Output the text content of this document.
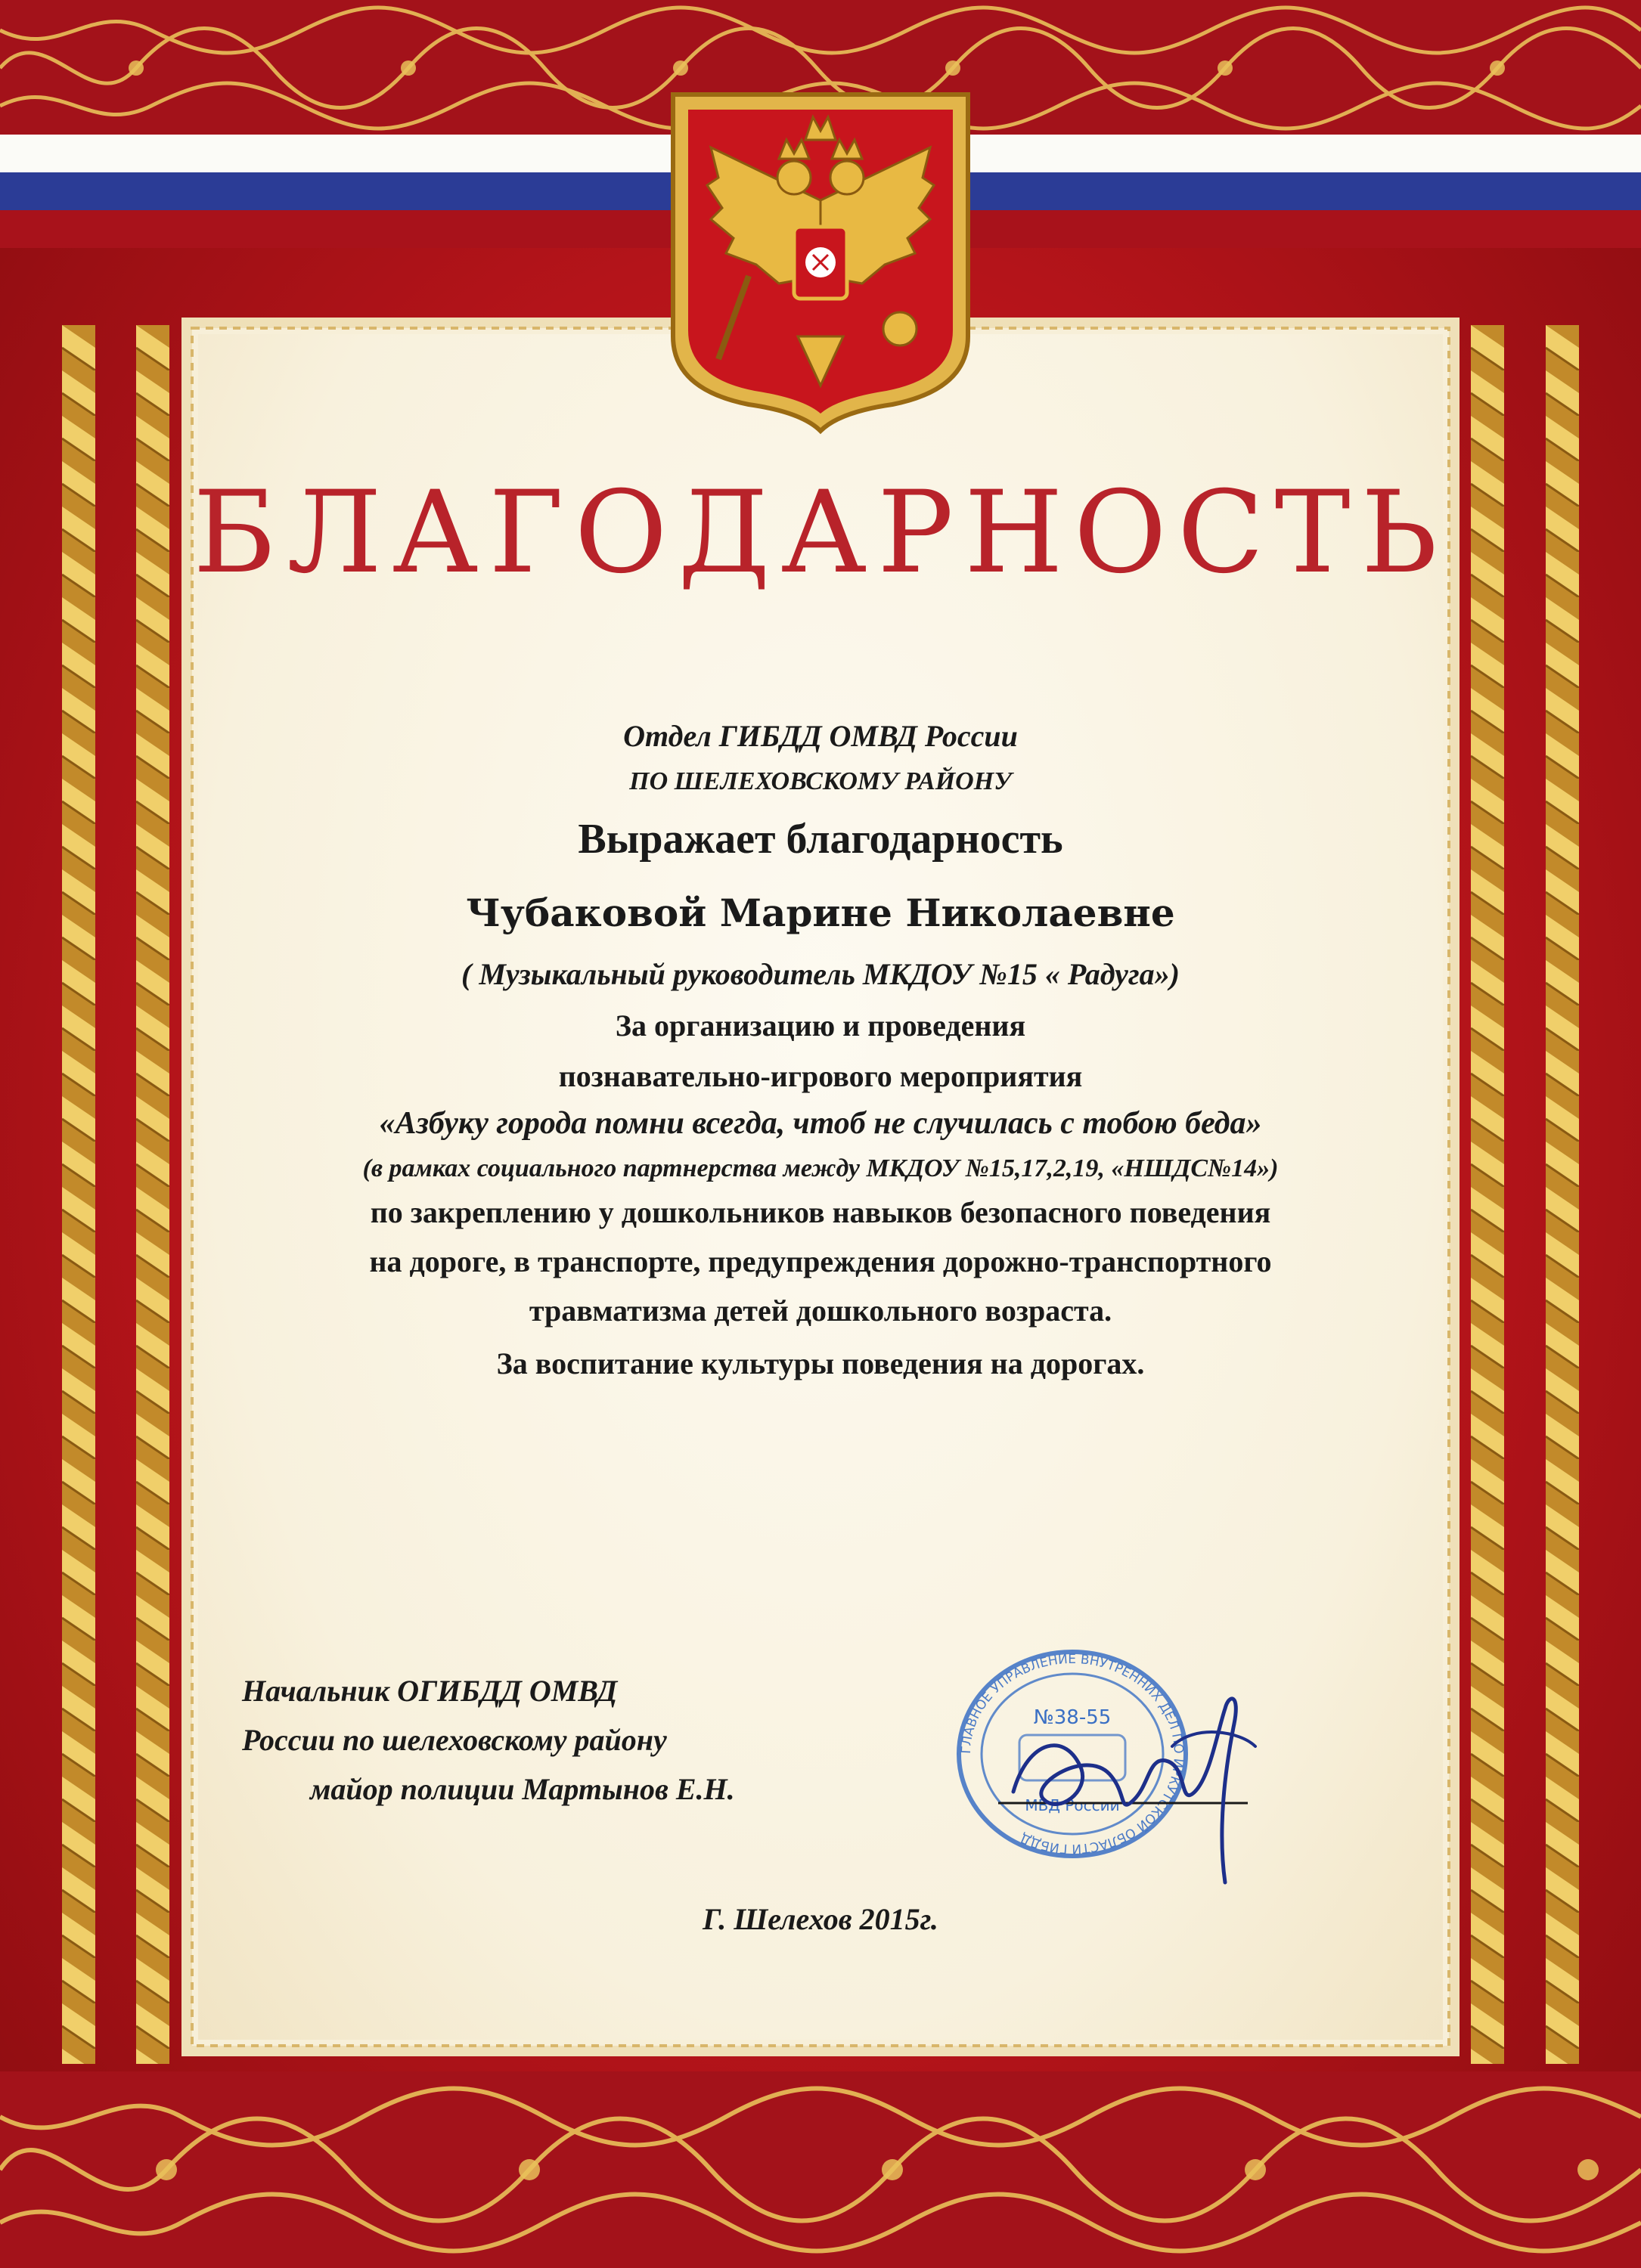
БЛАГОДАРНОСТЬ
Отдел ГИБДД ОМВД России
ПО ШЕЛЕХОВСКОМУ РАЙОНУ
Выражает благодарность
Чубаковой Марине Николаевне
( Музыкальный руководитель МКДОУ №15 « Радуга»)
За организацию и проведения
познавательно-игрового мероприятия
«Азбуку города помни всегда, чтоб не случилась с тобою беда»
(в рамках социального партнерства между МКДОУ №15,17,2,19, «НШДС№14»)
по закреплению у дошкольников навыков безопасного поведения
на дороге, в транспорте, предупреждения дорожно-транспортного
травматизма детей дошкольного возраста.
За воспитание культуры поведения на дорогах.
Начальник ОГИБДД ОМВД
России по шелеховскому району
майор полиции Мартынов Е.Н.
ГЛАВНОЕ УПРАВЛЕНИЕ ВНУТРЕННИХ ДЕЛ ПО ИРКУТСКОЙ ОБЛАСТИ ГИБДД
№38-55
МВД России
Г. Шелехов 2015г.
